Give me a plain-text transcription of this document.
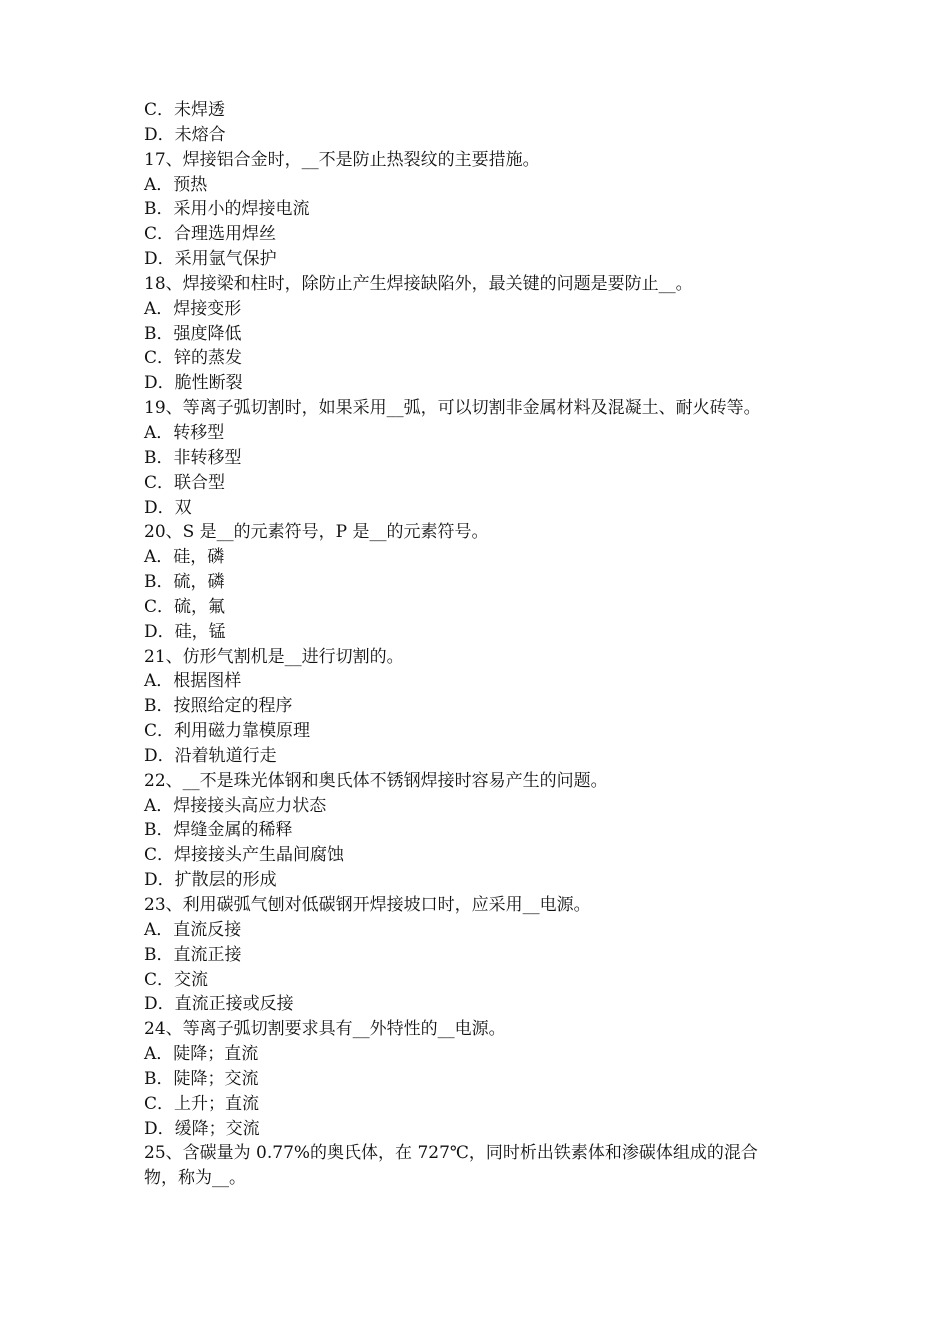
C．未焊透
D．未熔合
17、焊接铝合金时，__不是防止热裂纹的主要措施。
A．预热
B．采用小的焊接电流
C．合理选用焊丝
D．采用氩气保护
18、焊接梁和柱时，除防止产生焊接缺陷外，最关键的问题是要防止__。
A．焊接变形
B．强度降低
C．锌的蒸发
D．脆性断裂
19、等离子弧切割时，如果采用__弧，可以切割非金属材料及混凝土、耐火砖等。
A．转移型
B．非转移型
C．联合型
D．双
20、S 是__的元素符号，P 是__的元素符号。
A．硅，磷
B．硫，磷
C．硫，氟
D．硅，锰
21、仿形气割机是__进行切割的。
A．根据图样
B．按照给定的程序
C．利用磁力靠模原理
D．沿着轨道行走
22、__不是珠光体钢和奥氏体不锈钢焊接时容易产生的问题。
A．焊接接头高应力状态
B．焊缝金属的稀释
C．焊接接头产生晶间腐蚀
D．扩散层的形成
23、利用碳弧气刨对低碳钢开焊接坡口时，应采用__电源。
A．直流反接
B．直流正接
C．交流
D．直流正接或反接
24、等离子弧切割要求具有__外特性的__电源。
A．陡降；直流
B．陡降；交流
C．上升；直流
D．缓降；交流
25、含碳量为 0.77%的奥氏体，在 727℃，同时析出铁素体和渗碳体组成的混合
物，称为__。
